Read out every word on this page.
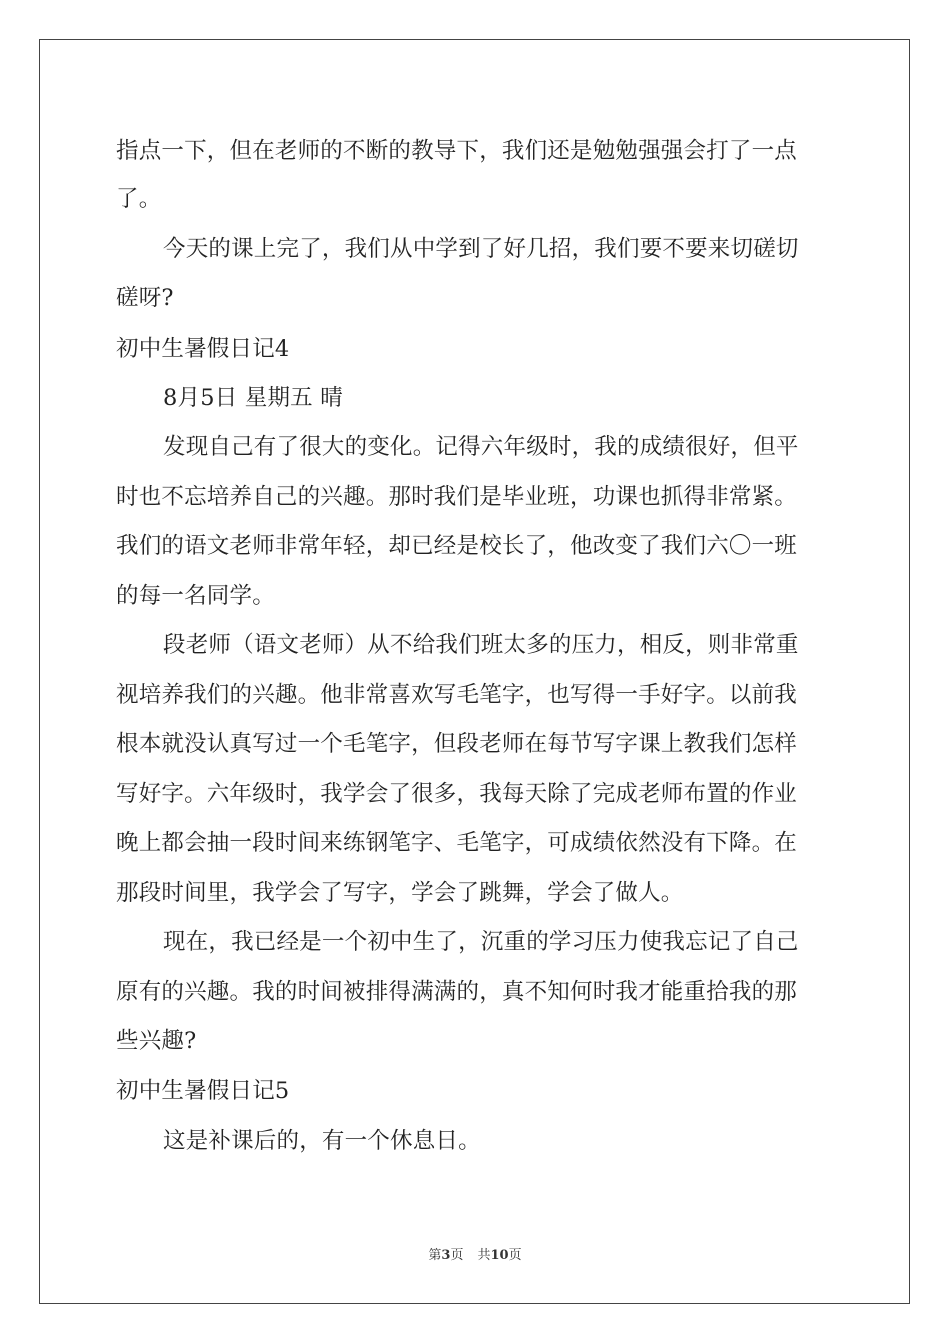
指点一下，但在老师的不断的教导下，我们还是勉勉强强会打了一点
了。
今天的课上完了，我们从中学到了好几招，我们要不要来切磋切
磋呀?
初中生暑假日记4
8月5日 星期五 晴
发现自己有了很大的变化。记得六年级时，我的成绩很好，但平
时也不忘培养自己的兴趣。那时我们是毕业班，功课也抓得非常紧。
我们的语文老师非常年轻，却已经是校长了，他改变了我们六〇一班
的每一名同学。
段老师（语文老师）从不给我们班太多的压力，相反，则非常重
视培养我们的兴趣。他非常喜欢写毛笔字，也写得一手好字。以前我
根本就没认真写过一个毛笔字，但段老师在每节写字课上教我们怎样
写好字。六年级时，我学会了很多，我每天除了完成老师布置的作业
晚上都会抽一段时间来练钢笔字、毛笔字，可成绩依然没有下降。在
那段时间里，我学会了写字，学会了跳舞，学会了做人。
现在，我已经是一个初中生了，沉重的学习压力使我忘记了自己
原有的兴趣。我的时间被排得满满的，真不知何时我才能重拾我的那
些兴趣?
初中生暑假日记5
这是补课后的，有一个休息日。
第3页 共10页
